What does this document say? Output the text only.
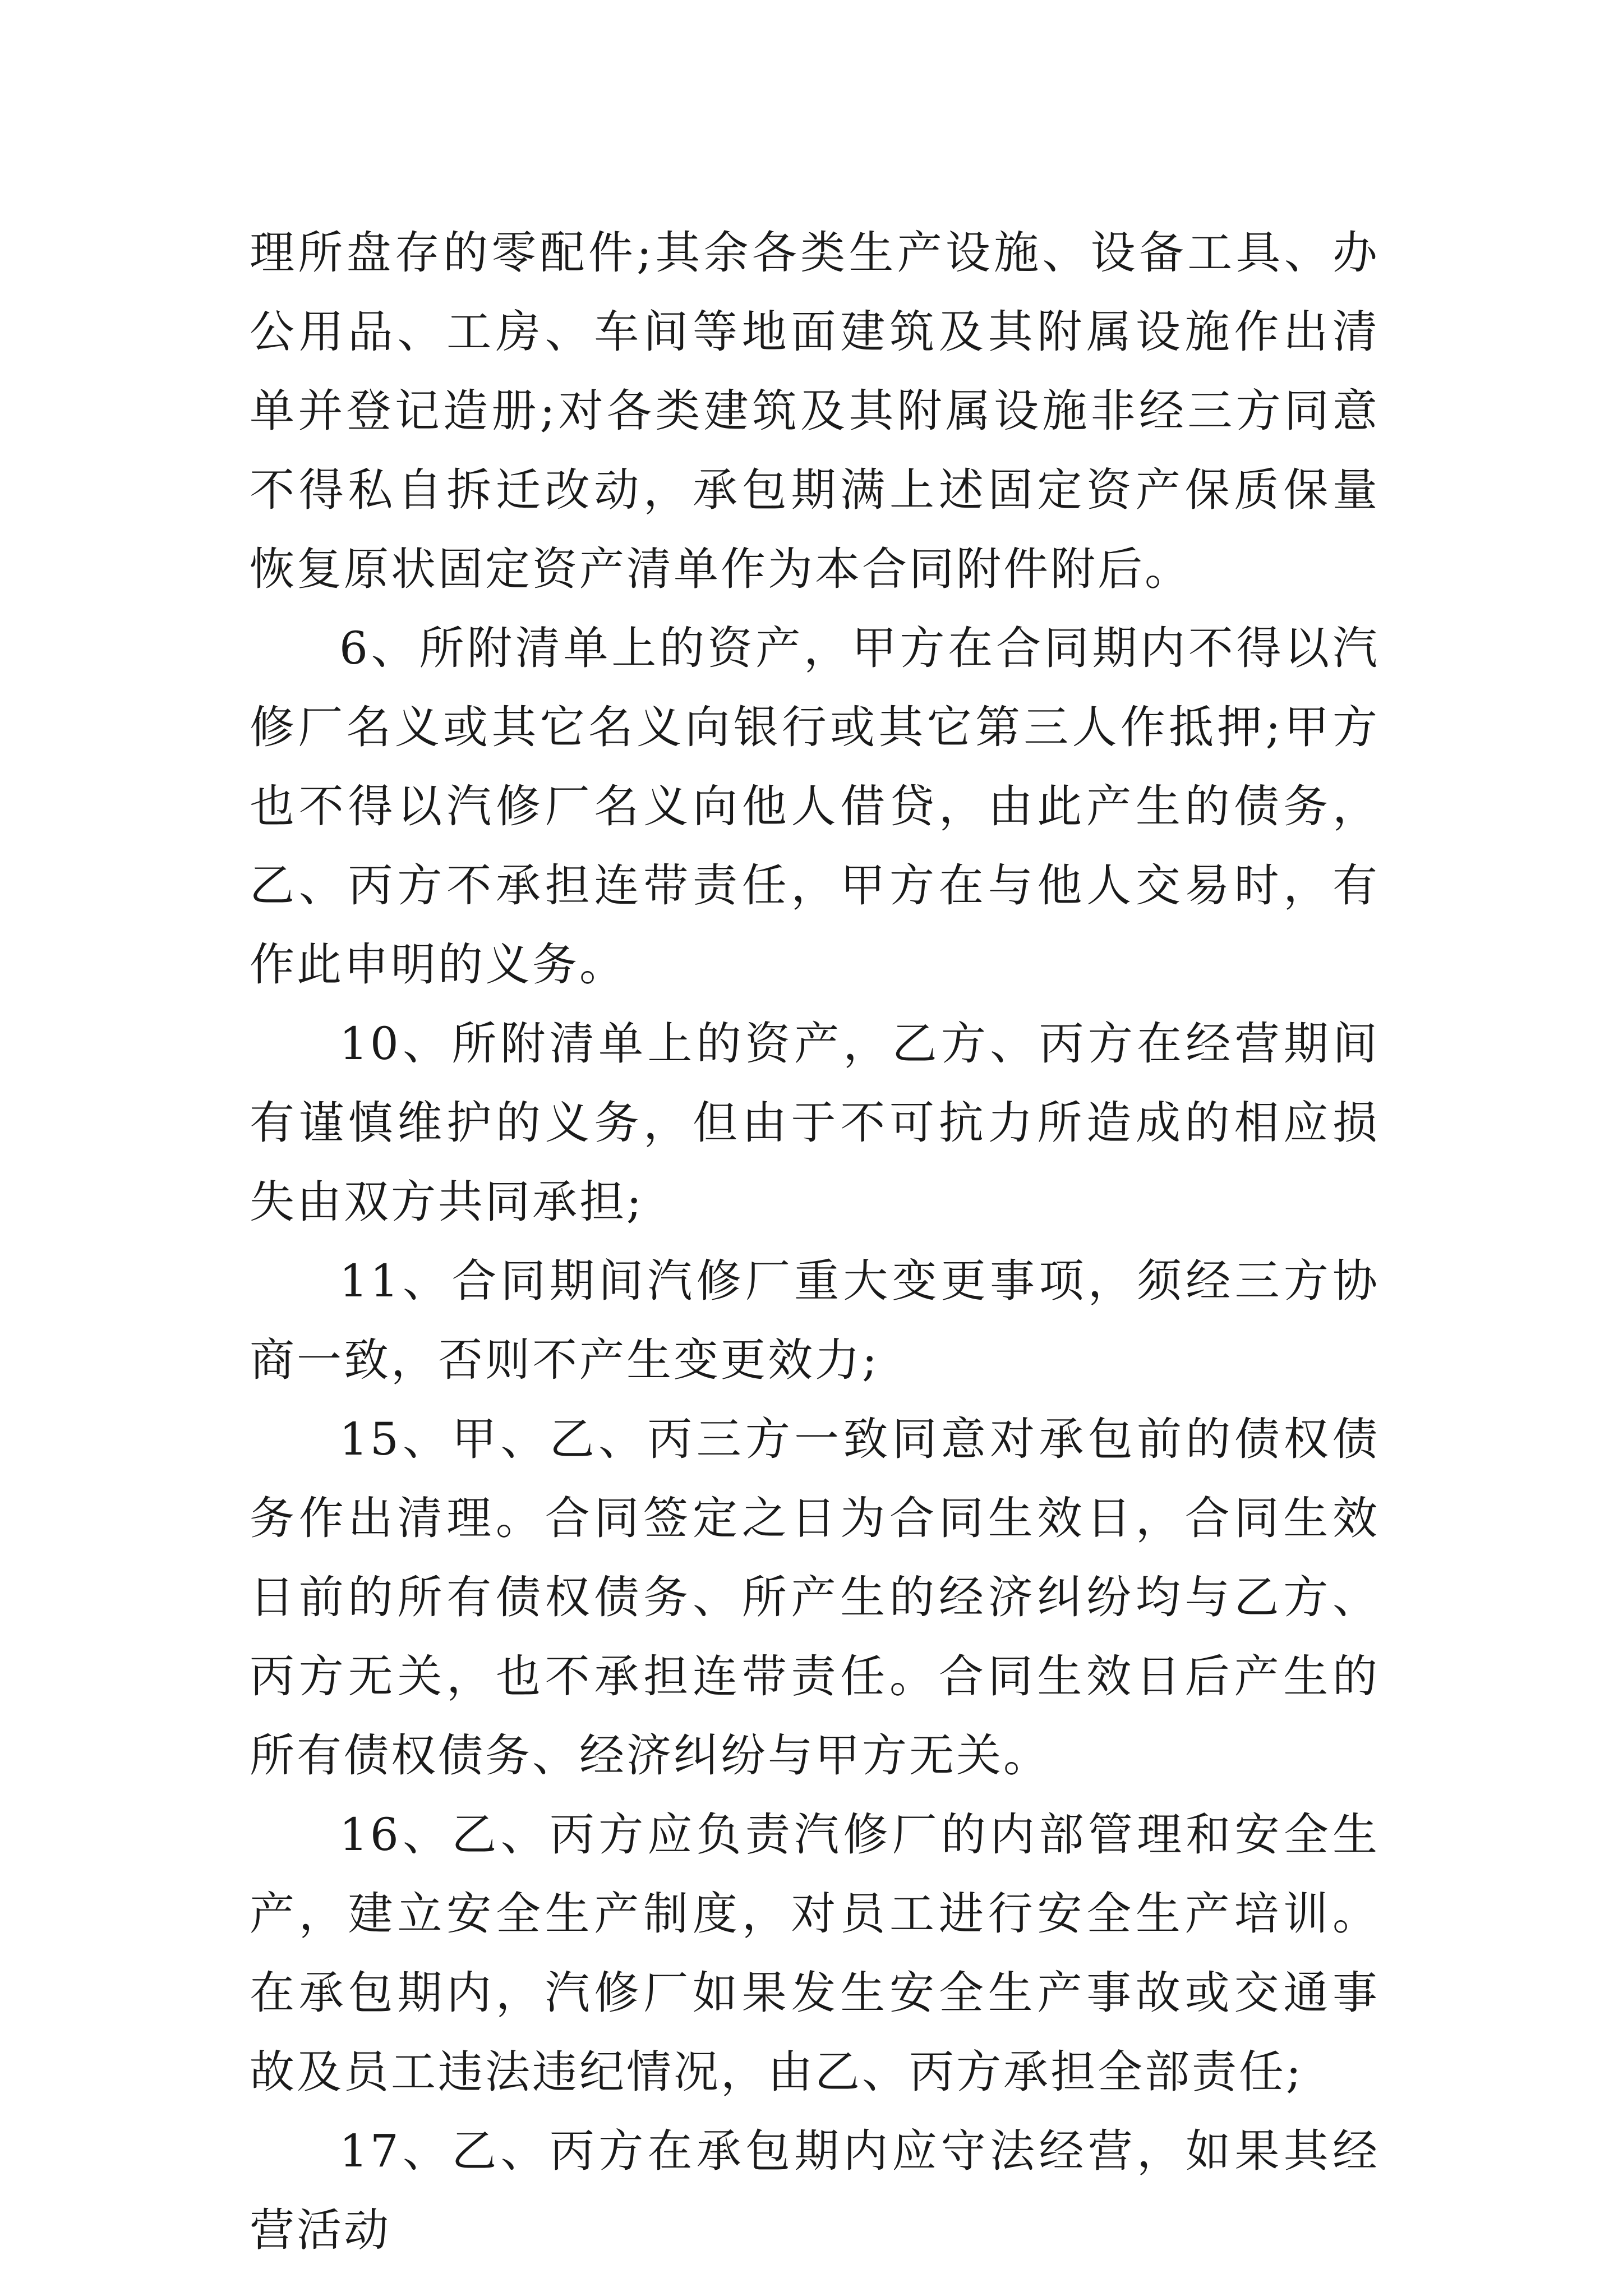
理所盘存的零配件;其余各类生产设施、设备工具、办公用品、工房、车间等地面建筑及其附属设施作出清单并登记造册;对各类建筑及其附属设施非经三方同意不得私自拆迁改动，承包期满上述固定资产保质保量恢复原状固定资产清单作为本合同附件附后。

6、所附清单上的资产，甲方在合同期内不得以汽修厂名义或其它名义向银行或其它第三人作抵押;甲方也不得以汽修厂名义向他人借贷，由此产生的债务，乙、丙方不承担连带责任，甲方在与他人交易时，有作此申明的义务。

10、所附清单上的资产，乙方、丙方在经营期间有谨慎维护的义务，但由于不可抗力所造成的相应损失由双方共同承担;

11、合同期间汽修厂重大变更事项，须经三方协商一致，否则不产生变更效力;

15、甲、乙、丙三方一致同意对承包前的债权债务作出清理。合同签定之日为合同生效日，合同生效日前的所有债权债务、所产生的经济纠纷均与乙方、丙方无关，也不承担连带责任。合同生效日后产生的所有债权债务、经济纠纷与甲方无关。

16、乙、丙方应负责汽修厂的内部管理和安全生产，建立安全生产制度，对员工进行安全生产培训。在承包期内，汽修厂如果发生安全生产事故或交通事故及员工违法违纪情况，由乙、丙方承担全部责任;

17、乙、丙方在承包期内应守法经营，如果其经营活动
